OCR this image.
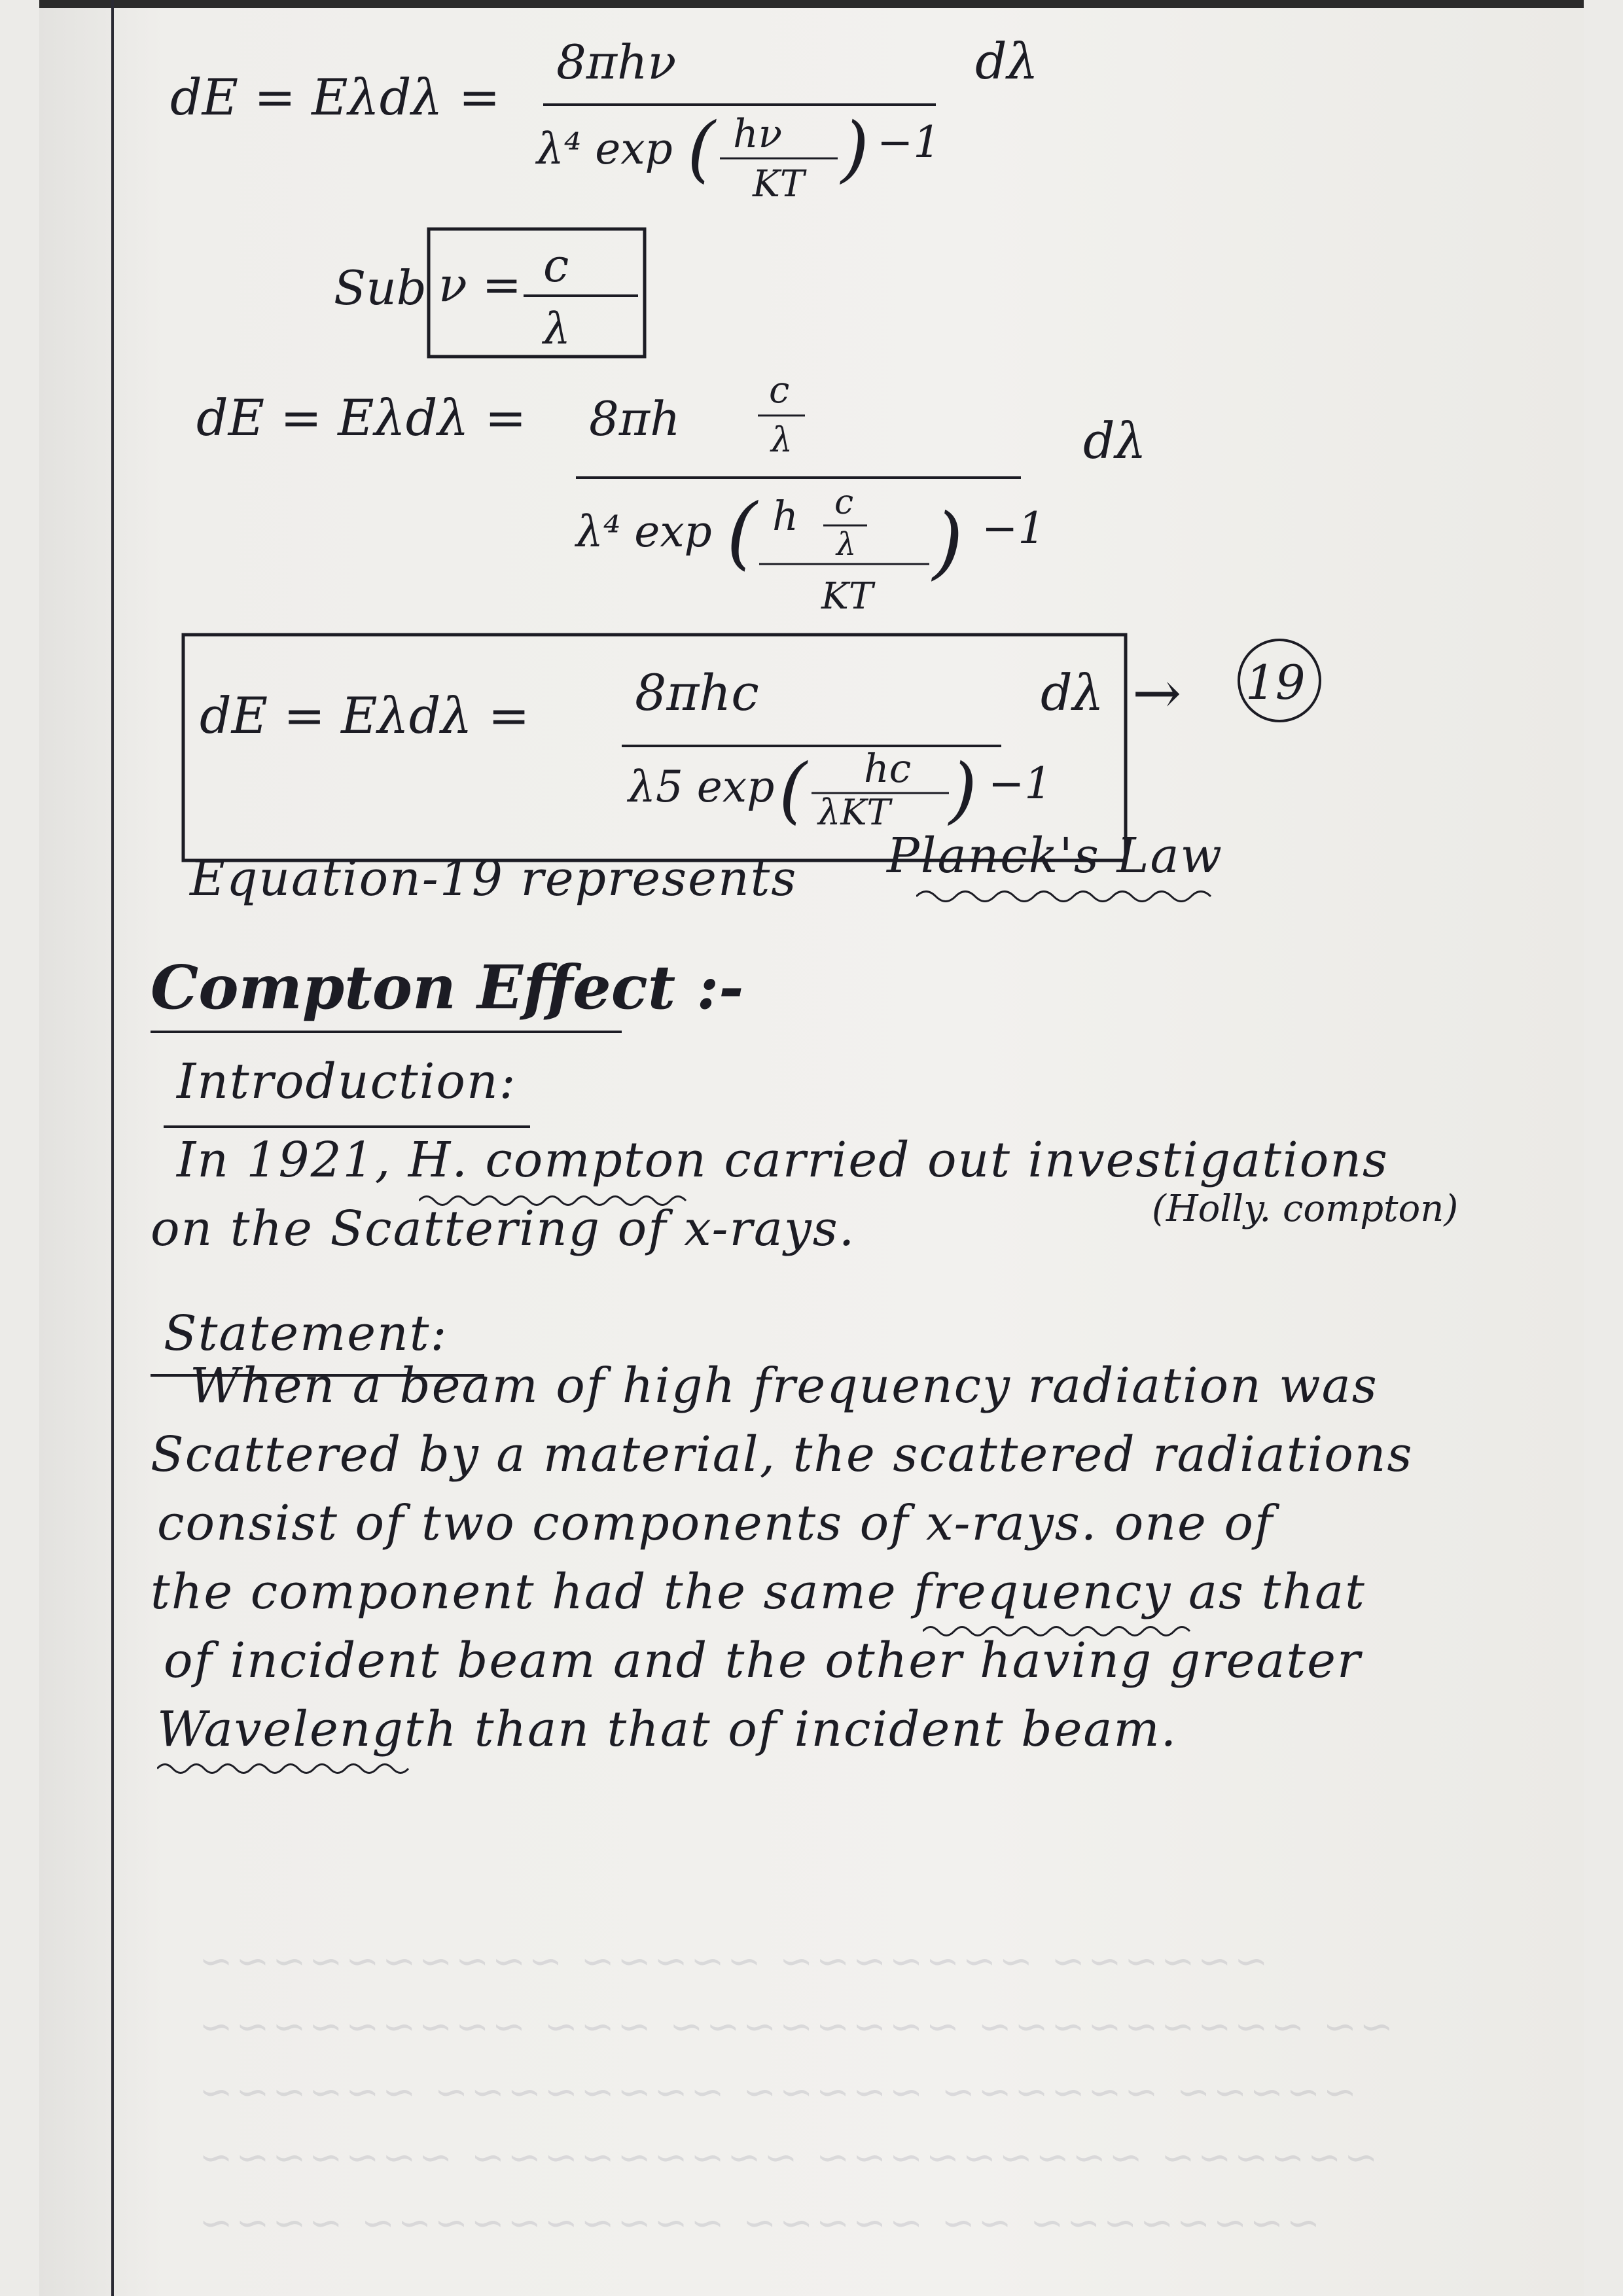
~~~~~~ ~~~~~~~ ~~~~~ ~~~~~~~~~~
~~ ~~~~~~~~~ ~~~~~~~~ ~~~ ~~~~~~~~~
~~~~~ ~~~~~~ ~~~~~ ~~~~~~~~ ~~~~~~
~~~~~~ ~~~~~~~~~ ~~~~~~~~~ ~~~~~~~
~~~~~~~~ ~~ ~~~~~ ~~~~~~~~~~ ~~~~
dE = Eλdλ =
8πhν
λ⁴ exp ( hν
KT ) −1
dλ
Sub ν = c
λ
dE = Eλdλ = 8πh
c
λ
λ⁴ exp ( h c
λ
KT
) −1
dλ
dE = Eλdλ = 8πhc
λ5 exp ( hc
λKT ) −1
dλ → 19
Equation-19 represents Planck's Law
Compton Effect :-
Introduction:
In 1921, H. compton carried out investigations
on the Scattering of x-rays.	(Holly. compton)
Statement:
When a beam of high frequency radiation was
Scattered by a material, the scattered radiations
consist of two components of x-rays. one of
the component had the same frequency as that
of incident beam and the other having greater
Wavelength than that of incident beam.
